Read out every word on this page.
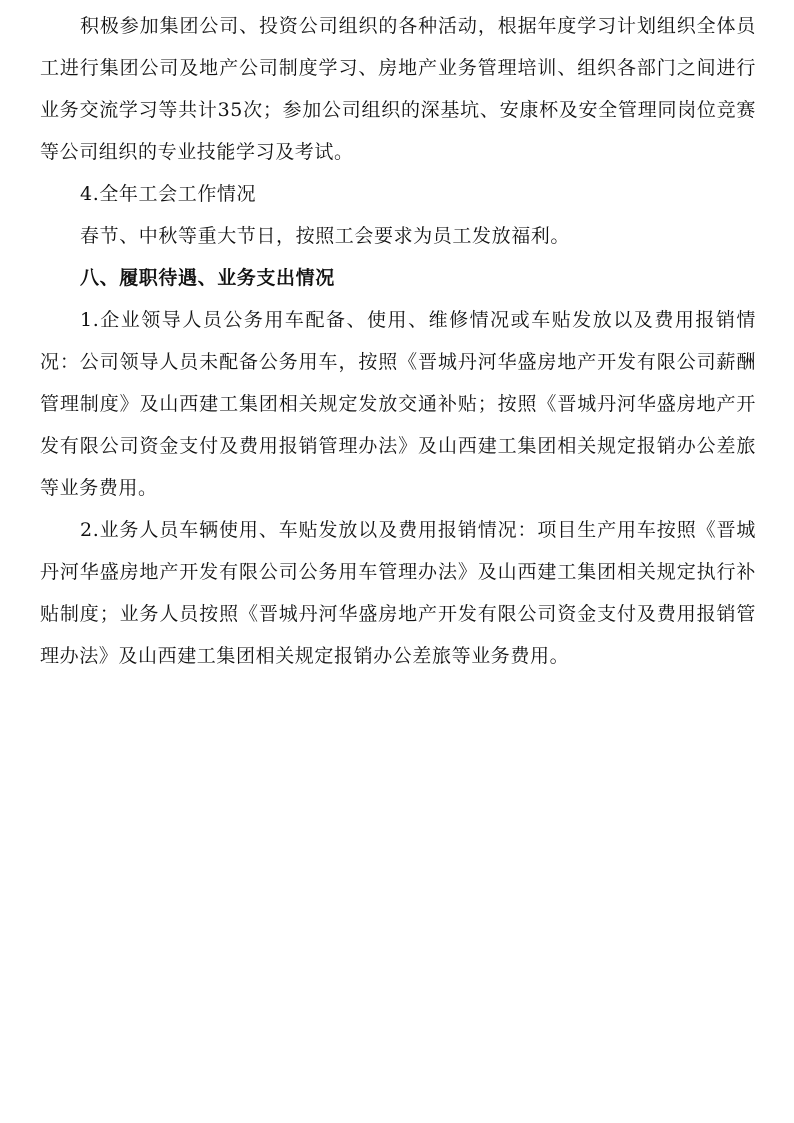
积极参加集团公司、投资公司组织的各种活动，根据年度学习计划组织全体员工进行集团公司及地产公司制度学习、房地产业务管理培训、组织各部门之间进行业务交流学习等共计35次；参加公司组织的深基坑、安康杯及安全管理同岗位竞赛等公司组织的专业技能学习及考试。

4.全年工会工作情况

春节、中秋等重大节日，按照工会要求为员工发放福利。

八、履职待遇、业务支出情况

1.企业领导人员公务用车配备、使用、维修情况或车贴发放以及费用报销情况：公司领导人员未配备公务用车，按照《晋城丹河华盛房地产开发有限公司薪酬管理制度》及山西建工集团相关规定发放交通补贴；按照《晋城丹河华盛房地产开发有限公司资金支付及费用报销管理办法》及山西建工集团相关规定报销办公差旅等业务费用。

2.业务人员车辆使用、车贴发放以及费用报销情况：项目生产用车按照《晋城丹河华盛房地产开发有限公司公务用车管理办法》及山西建工集团相关规定执行补贴制度；业务人员按照《晋城丹河华盛房地产开发有限公司资金支付及费用报销管理办法》及山西建工集团相关规定报销办公差旅等业务费用。
